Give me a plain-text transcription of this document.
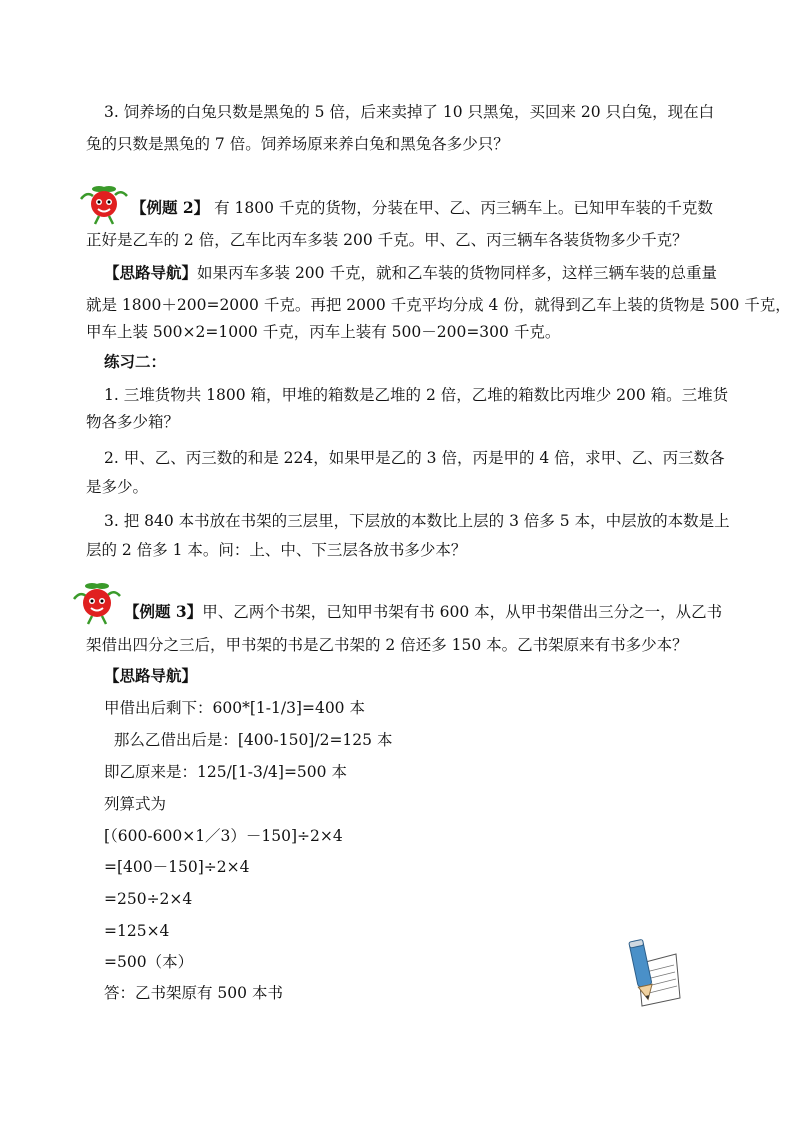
3. 饲养场的白兔只数是黑兔的 5 倍，后来卖掉了 10 只黑兔，买回来 20 只白兔，现在白
兔的只数是黑兔的 7 倍。饲养场原来养白兔和黑兔各多少只？
【例题 2】 有 1800 千克的货物，分装在甲、乙、丙三辆车上。已知甲车装的千克数
正好是乙车的 2 倍，乙车比丙车多装 200 千克。甲、乙、丙三辆车各装货物多少千克？
【思路导航】如果丙车多装 200 千克，就和乙车装的货物同样多，这样三辆车装的总重量
就是 1800＋200=2000 千克。再把 2000 千克平均分成 4 份，就得到乙车上装的货物是 500 千克，
甲车上装 500×2=1000 千克，丙车上装有 500－200=300 千克。
练习二：
1. 三堆货物共 1800 箱，甲堆的箱数是乙堆的 2 倍，乙堆的箱数比丙堆少 200 箱。三堆货
物各多少箱？
2. 甲、乙、丙三数的和是 224，如果甲是乙的 3 倍，丙是甲的 4 倍，求甲、乙、丙三数各
是多少。
3. 把 840 本书放在书架的三层里，下层放的本数比上层的 3 倍多 5 本，中层放的本数是上
层的 2 倍多 1 本。问：上、中、下三层各放书多少本？
【例题 3】甲、乙两个书架，已知甲书架有书 600 本，从甲书架借出三分之一，从乙书
架借出四分之三后，甲书架的书是乙书架的 2 倍还多 150 本。乙书架原来有书多少本？
【思路导航】
甲借出后剩下：600*[1-1/3]=400 本
那么乙借出后是：[400-150]/2=125 本
即乙原来是：125/[1-3/4]=500 本
列算式为
[（600-600×1／3）－150]÷2×4
=[400－150]÷2×4
=250÷2×4
=125×4
=500（本）
答：乙书架原有 500 本书
